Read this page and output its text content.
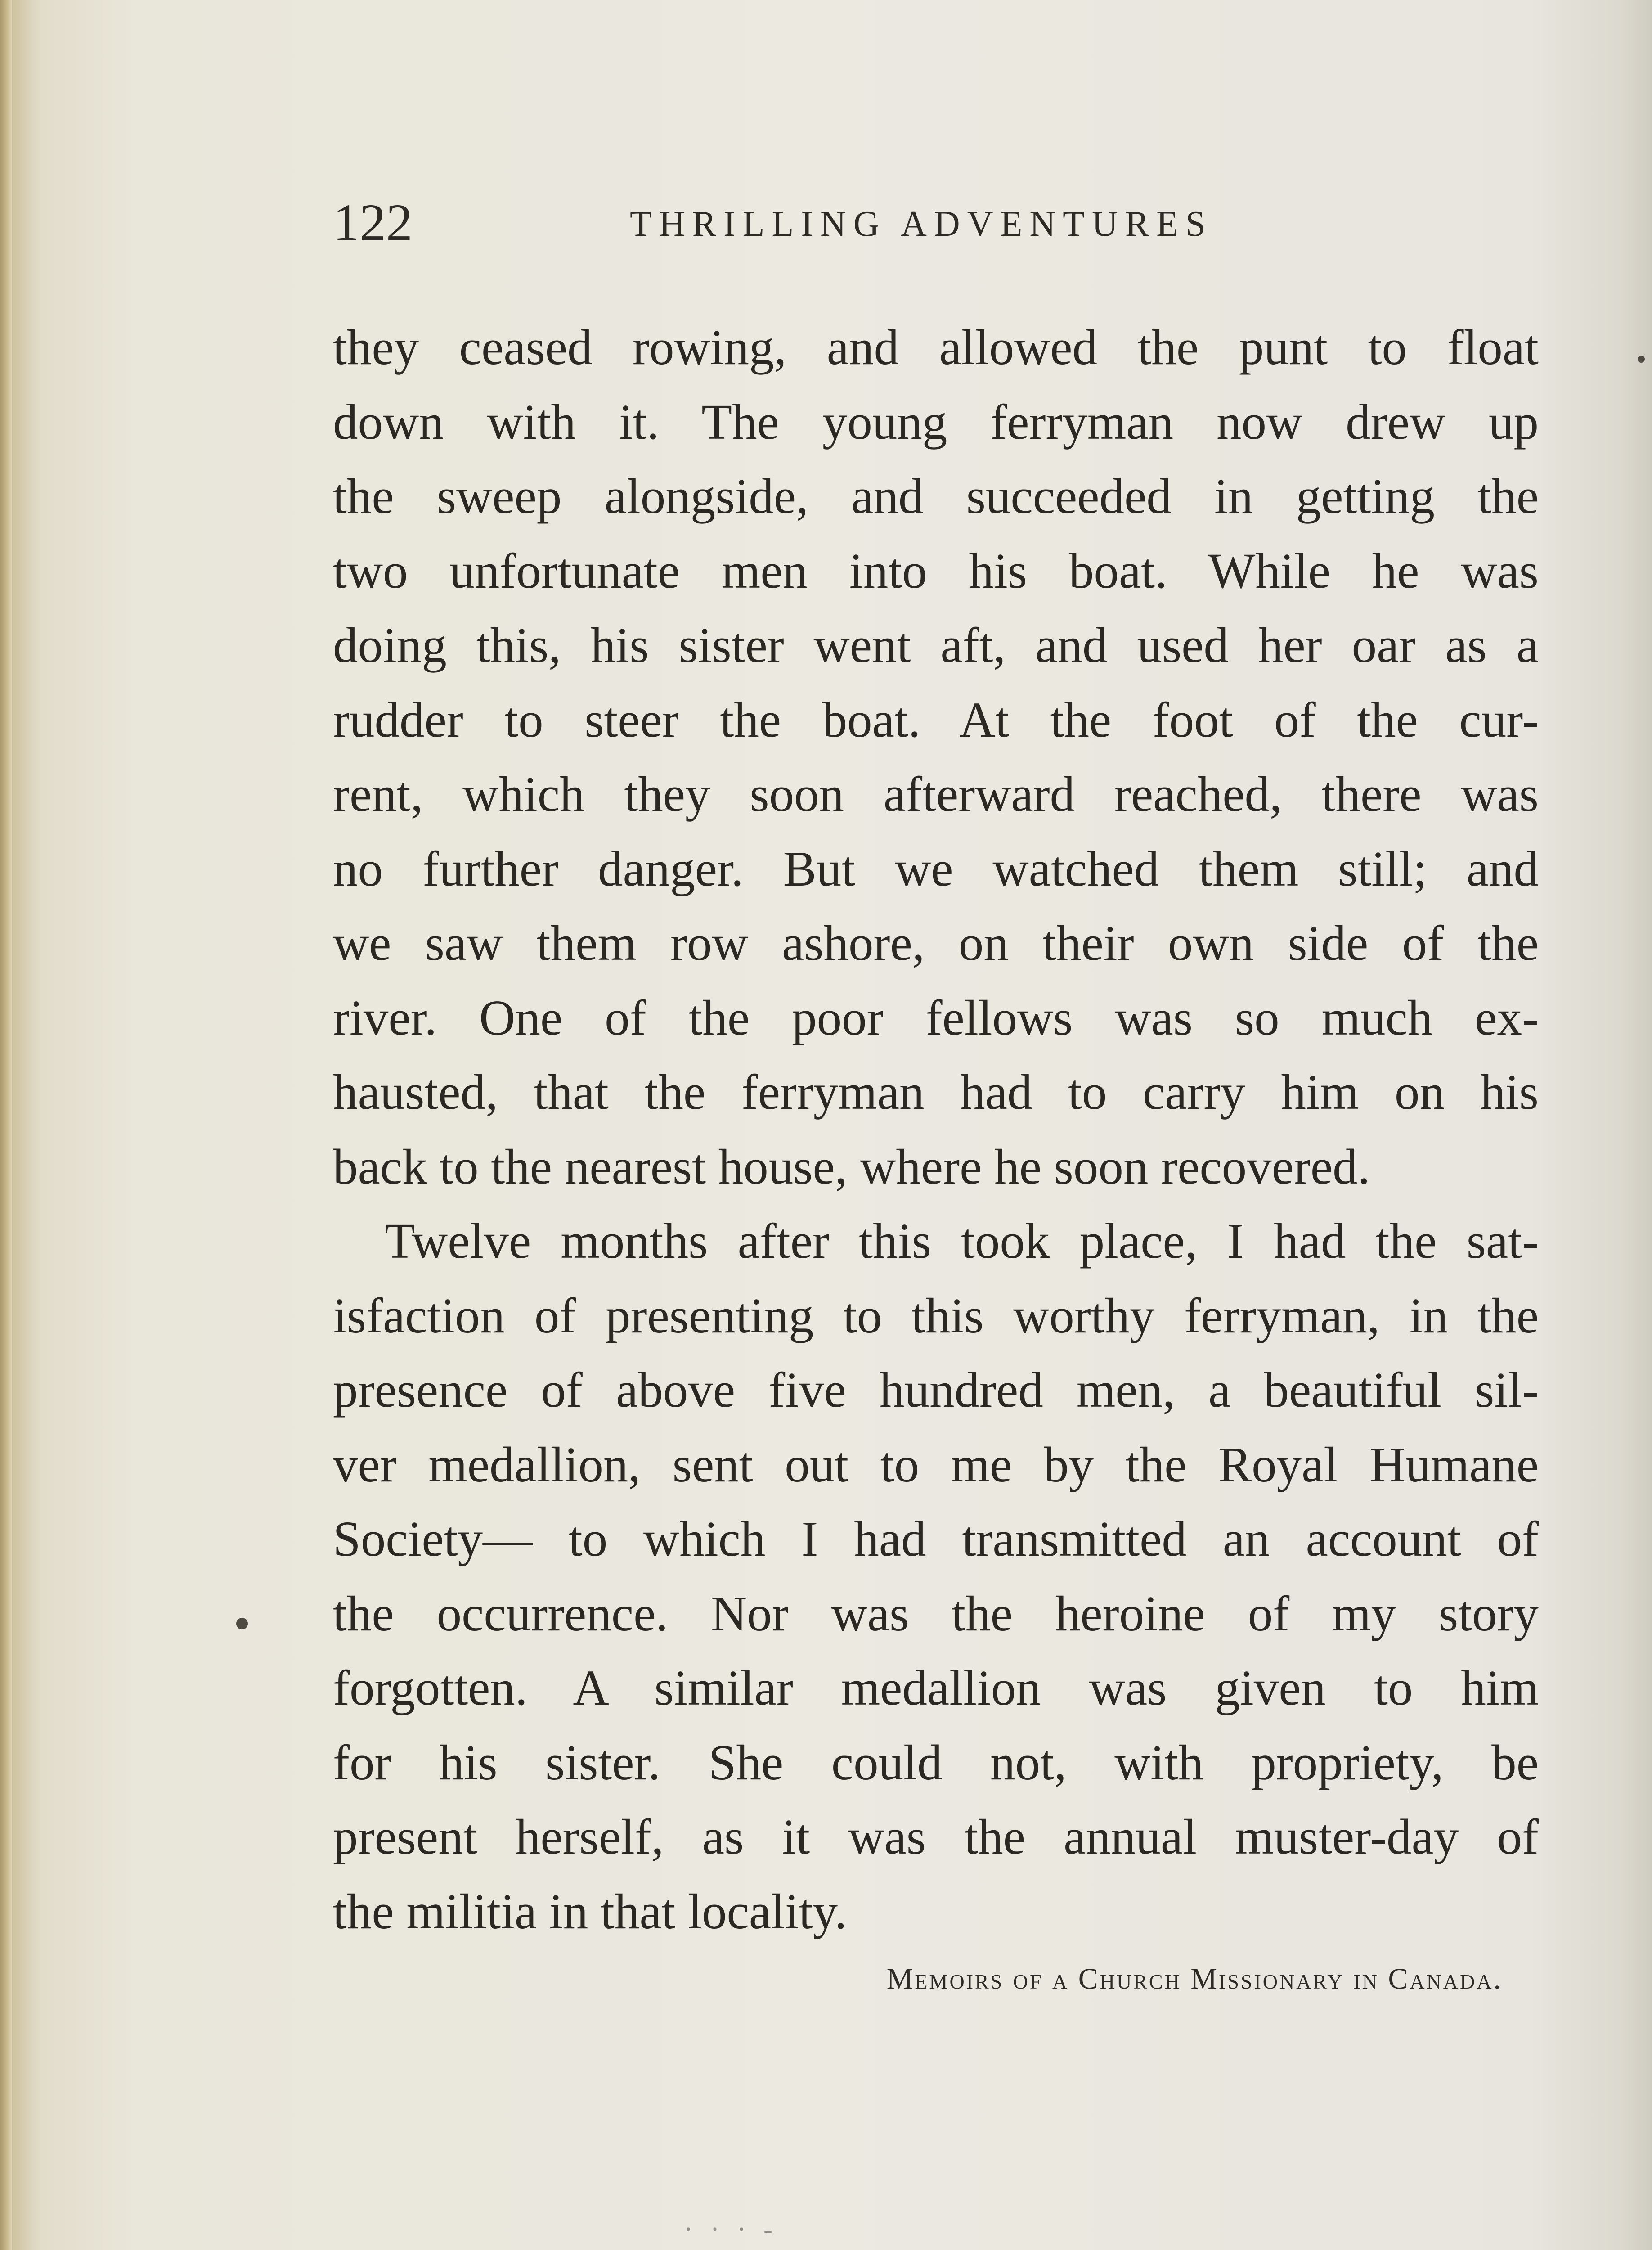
122	THRILLING ADVENTURES
they ceased rowing, and allowed the punt to float
down with it. The young ferryman now drew up
the sweep alongside, and succeeded in getting the
two unfortunate men into his boat. While he was
doing this, his sister went aft, and used her oar as a
rudder to steer the boat. At the foot of the cur-
rent, which they soon afterward reached, there was
no further danger. But we watched them still; and
we saw them row ashore, on their own side of the
river. One of the poor fellows was so much ex-
hausted, that the ferryman had to carry him on his
back to the nearest house, where he soon recovered.
Twelve months after this took place, I had the sat-
isfaction of presenting to this worthy ferryman, in the
presence of above five hundred men, a beautiful sil-
ver medallion, sent out to me by the Royal Humane
Society— to which I had transmitted an account of
the occurrence. Nor was the heroine of my story
forgotten. A similar medallion was given to him
for his sister. She could not, with propriety, be
present herself, as it was the annual muster-day of
the militia in that locality.
Memoirs of a Church Missionary in Canada.
· · · -
